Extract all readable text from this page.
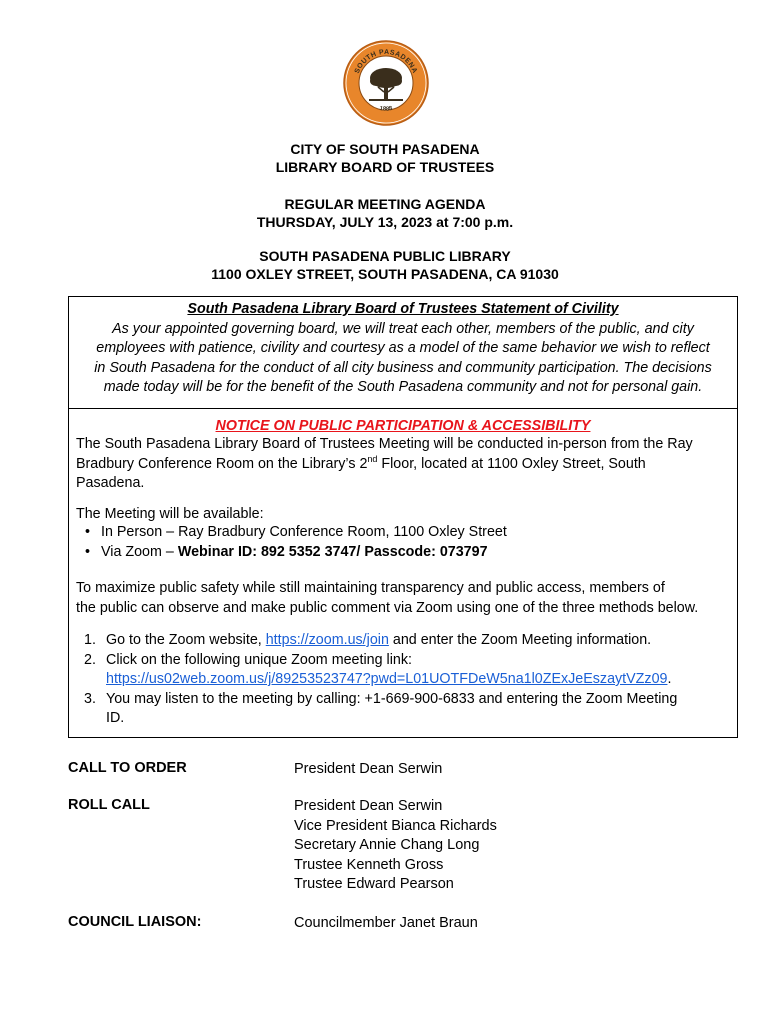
SOUTH PASADENA
1888
CITY OF SOUTH PASADENA
LIBRARY BOARD OF TRUSTEES
REGULAR MEETING AGENDA
THURSDAY, JULY 13, 2023 at 7:00 p.m.
SOUTH PASADENA PUBLIC LIBRARY
1100 OXLEY STREET, SOUTH PASADENA, CA 91030
South Pasadena Library Board of Trustees Statement of Civility
As your appointed governing board, we will treat each other, members of the public, and city
employees with patience, civility and courtesy as a model of the same behavior we wish to reflect
in South Pasadena for the conduct of all city business and community participation. The decisions
made today will be for the benefit of the South Pasadena community and not for personal gain.
NOTICE ON PUBLIC PARTICIPATION & ACCESSIBILITY
The South Pasadena Library Board of Trustees Meeting will be conducted in-person from the Ray
Bradbury Conference Room on the Library’s 2nd Floor, located at 1100 Oxley Street, South
Pasadena.
The Meeting will be available:
• In Person – Ray Bradbury Conference Room, 1100 Oxley Street
• Via Zoom – Webinar ID: 892 5352 3747/ Passcode: 073797
To maximize public safety while still maintaining transparency and public access, members of
the public can observe and make public comment via Zoom using one of the three methods below.
1. Go to the Zoom website, https://zoom.us/join and enter the Zoom Meeting information.
2. Click on the following unique Zoom meeting link:
https://us02web.zoom.us/j/89253523747?pwd=L01UOTFDeW5na1l0ZExJeEszaytVZz09.
3. You may listen to the meeting by calling: +1-669-900-6833 and entering the Zoom Meeting
ID.
CALL TO ORDER	President Dean Serwin
ROLL CALL	President Dean Serwin
Vice President Bianca Richards
Secretary Annie Chang Long
Trustee Kenneth Gross
Trustee Edward Pearson
COUNCIL LIAISON:	Councilmember Janet Braun
